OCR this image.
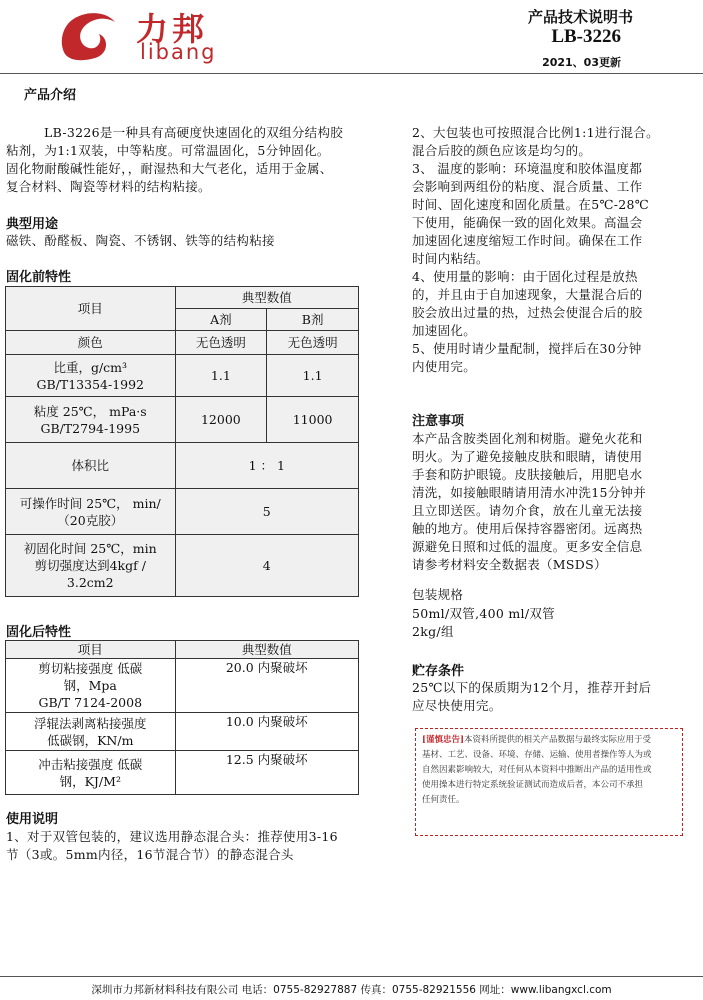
力邦
libang
产品技术说明书
LB-3226
2021、03更新
产品介绍
LB-3226是一种具有高硬度快速固化的双组分结构胶
粘剂，为1:1双装，中等粘度。可常温固化，5分钟固化。
固化物耐酸碱性能好，，耐湿热和大气老化，适用于金属、
复合材料、陶瓷等材料的结构粘接。
典型用途
磁铁、酚醛板、陶瓷、不锈钢、铁等的结构粘接
固化前特性
项目	典型数值	
	A剂	B剂
颜色	无色透明	无色透明

比重，g/cm³
GB/T13354-1992	1.1	1.1

粘度 25℃， mPa·s
GB/T2794-1995	12000	11000
体积比	1 ： 1	

可操作时间 25℃， min/
（20克胶）	5	

初固化时间 25℃，min
剪切强度达到4kgf /
3.2cm2	4	
固化后特性
项目	典型数值

剪切粘接强度 低碳
钢，Mpa
GB/T 7124-2008	20.0 内聚破坏

浮辊法剥离粘接强度
低碳钢，KN/m	10.0 内聚破坏

冲击粘接强度 低碳
钢，KJ/M²	12.5 内聚破坏
使用说明
1、对于双管包装的，建议选用静态混合头：推荐使用3-16
节（3或。5mm内径，16节混合节）的静态混合头
2、大包装也可按照混合比例1:1进行混合。
混合后胶的颜色应该是均匀的。
3、 温度的影响：环境温度和胶体温度都
会影响到两组份的粘度、混合质量、工作
时间、固化速度和固化质量。在5℃-28℃
下使用，能确保一致的固化效果。高温会
加速固化速度缩短工作时间。确保在工作
时间内粘结。
4、使用量的影响：由于固化过程是放热
的，并且由于自加速现象，大量混合后的
胶会放出过量的热，过热会使混合后的胶
加速固化。
5、使用时请少量配制，搅拌后在30分钟
内使用完。
注意事项
本产品含胺类固化剂和树脂。避免火花和
明火。为了避免接触皮肤和眼睛，请使用
手套和防护眼镜。皮肤接触后，用肥皂水
清洗，如接触眼睛请用清水冲洗15分钟并
且立即送医。请勿介食，放在儿童无法接
触的地方。使用后保持容器密闭。远离热
源避免日照和过低的温度。更多安全信息
请参考材料安全数据表（MSDS）
包装规格
50ml/双管,400 ml/双管
2kg/组
贮存条件
25℃以下的保质期为12个月，推荐开封后
应尽快使用完。
[谨慎忠告]本资料所提供的相关产品数据与最终实际应用于受
基材、工艺、设备、环境、存储、运输、使用者操作等人为或
自然因素影响较大，对任何从本资料中推断出产品的适用性或
使用操本进行特定系统验证测试而造成后者，本公司不承担
任何责任。
深圳市力邦新材料科技有限公司 电话：0755-82927887 传真：0755-82921556 网址：www.libangxcl.com
